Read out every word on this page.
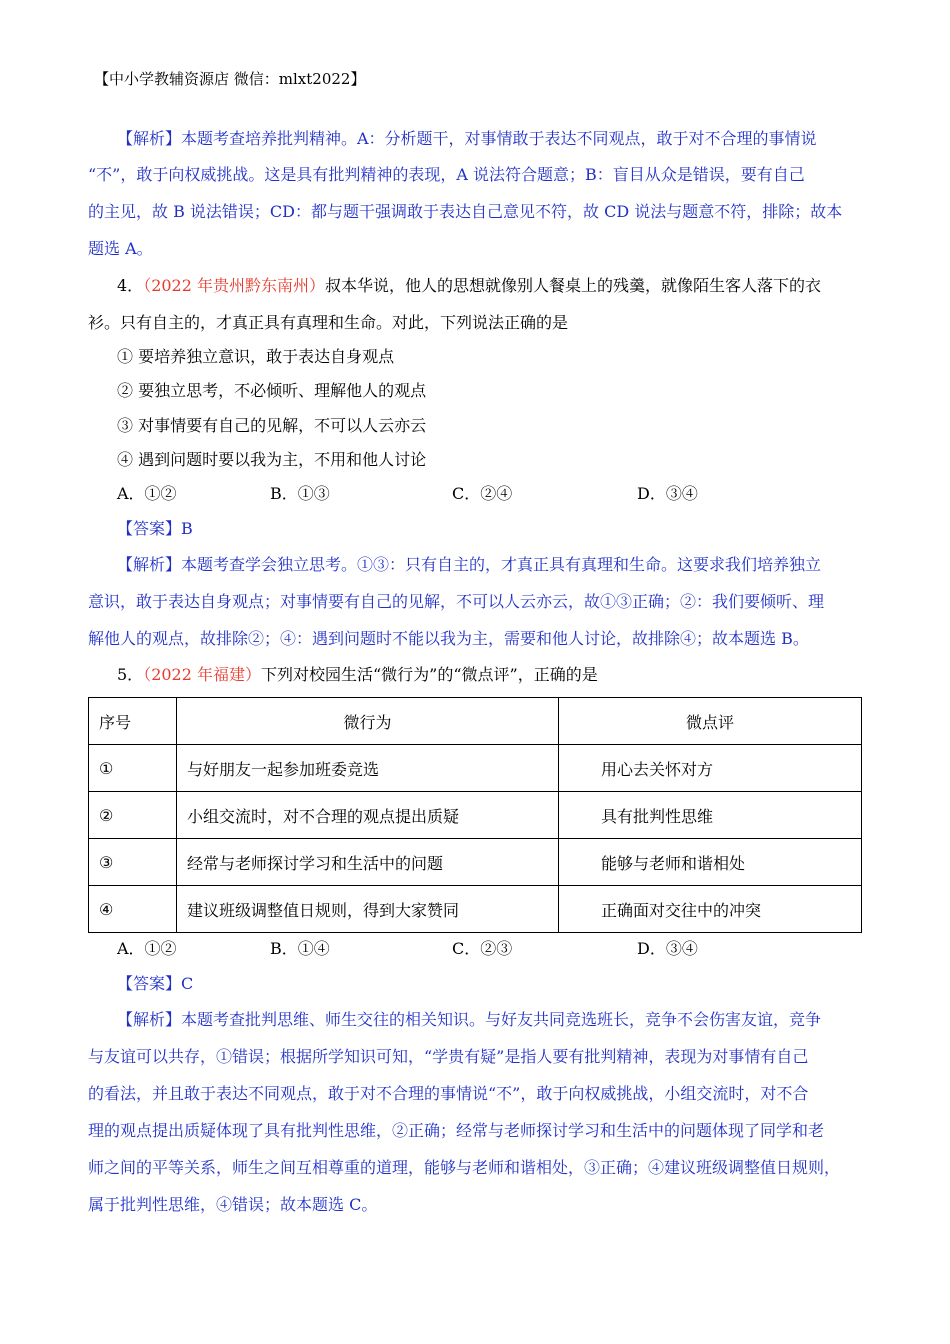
【中小学教辅资源店 微信：mlxt2022】
【解析】本题考查培养批判精神。A：分析题干，对事情敢于表达不同观点，敢于对不合理的事情说
“不”，敢于向权威挑战。这是具有批判精神的表现，A 说法符合题意；B：盲目从众是错误，要有自己
的主见，故 B 说法错误；CD：都与题干强调敢于表达自己意见不符，故 CD 说法与题意不符，排除；故本
题选 A。
4．（2022 年贵州黔东南州）叔本华说，他人的思想就像别人餐桌上的残羹，就像陌生客人落下的衣
衫。只有自主的，才真正具有真理和生命。对此，下列说法正确的是
① 要培养独立意识，敢于表达自身观点
② 要独立思考，不必倾听、理解他人的观点
③ 对事情要有自己的见解，不可以人云亦云
④ 遇到问题时要以我为主，不用和他人讨论
A．①②	B．①③	C．②④	D．③④
【答案】B
【解析】本题考查学会独立思考。①③：只有自主的，才真正具有真理和生命。这要求我们培养独立
意识，敢于表达自身观点；对事情要有自己的见解，不可以人云亦云，故①③正确；②：我们要倾听、理
解他人的观点，故排除②；④：遇到问题时不能以我为主，需要和他人讨论，故排除④；故本题选 B。
5．（2022 年福建）下列对校园生活“微行为”的“微点评”，正确的是
序号	微行为	微点评
①	与好朋友一起参加班委竞选	用心去关怀对方
②	小组交流时，对不合理的观点提出质疑	具有批判性思维
③	经常与老师探讨学习和生活中的问题	能够与老师和谐相处
④	建议班级调整值日规则，得到大家赞同	正确面对交往中的冲突
A．①②	B．①④	C．②③	D．③④
【答案】C
【解析】本题考查批判思维、师生交往的相关知识。与好友共同竞选班长，竞争不会伤害友谊，竞争
与友谊可以共存，①错误；根据所学知识可知，“学贵有疑”是指人要有批判精神，表现为对事情有自己
的看法，并且敢于表达不同观点，敢于对不合理的事情说“不”，敢于向权威挑战，小组交流时，对不合
理的观点提出质疑体现了具有批判性思维，②正确；经常与老师探讨学习和生活中的问题体现了同学和老
师之间的平等关系，师生之间互相尊重的道理，能够与老师和谐相处，③正确；④建议班级调整值日规则，
属于批判性思维，④错误；故本题选 C。
